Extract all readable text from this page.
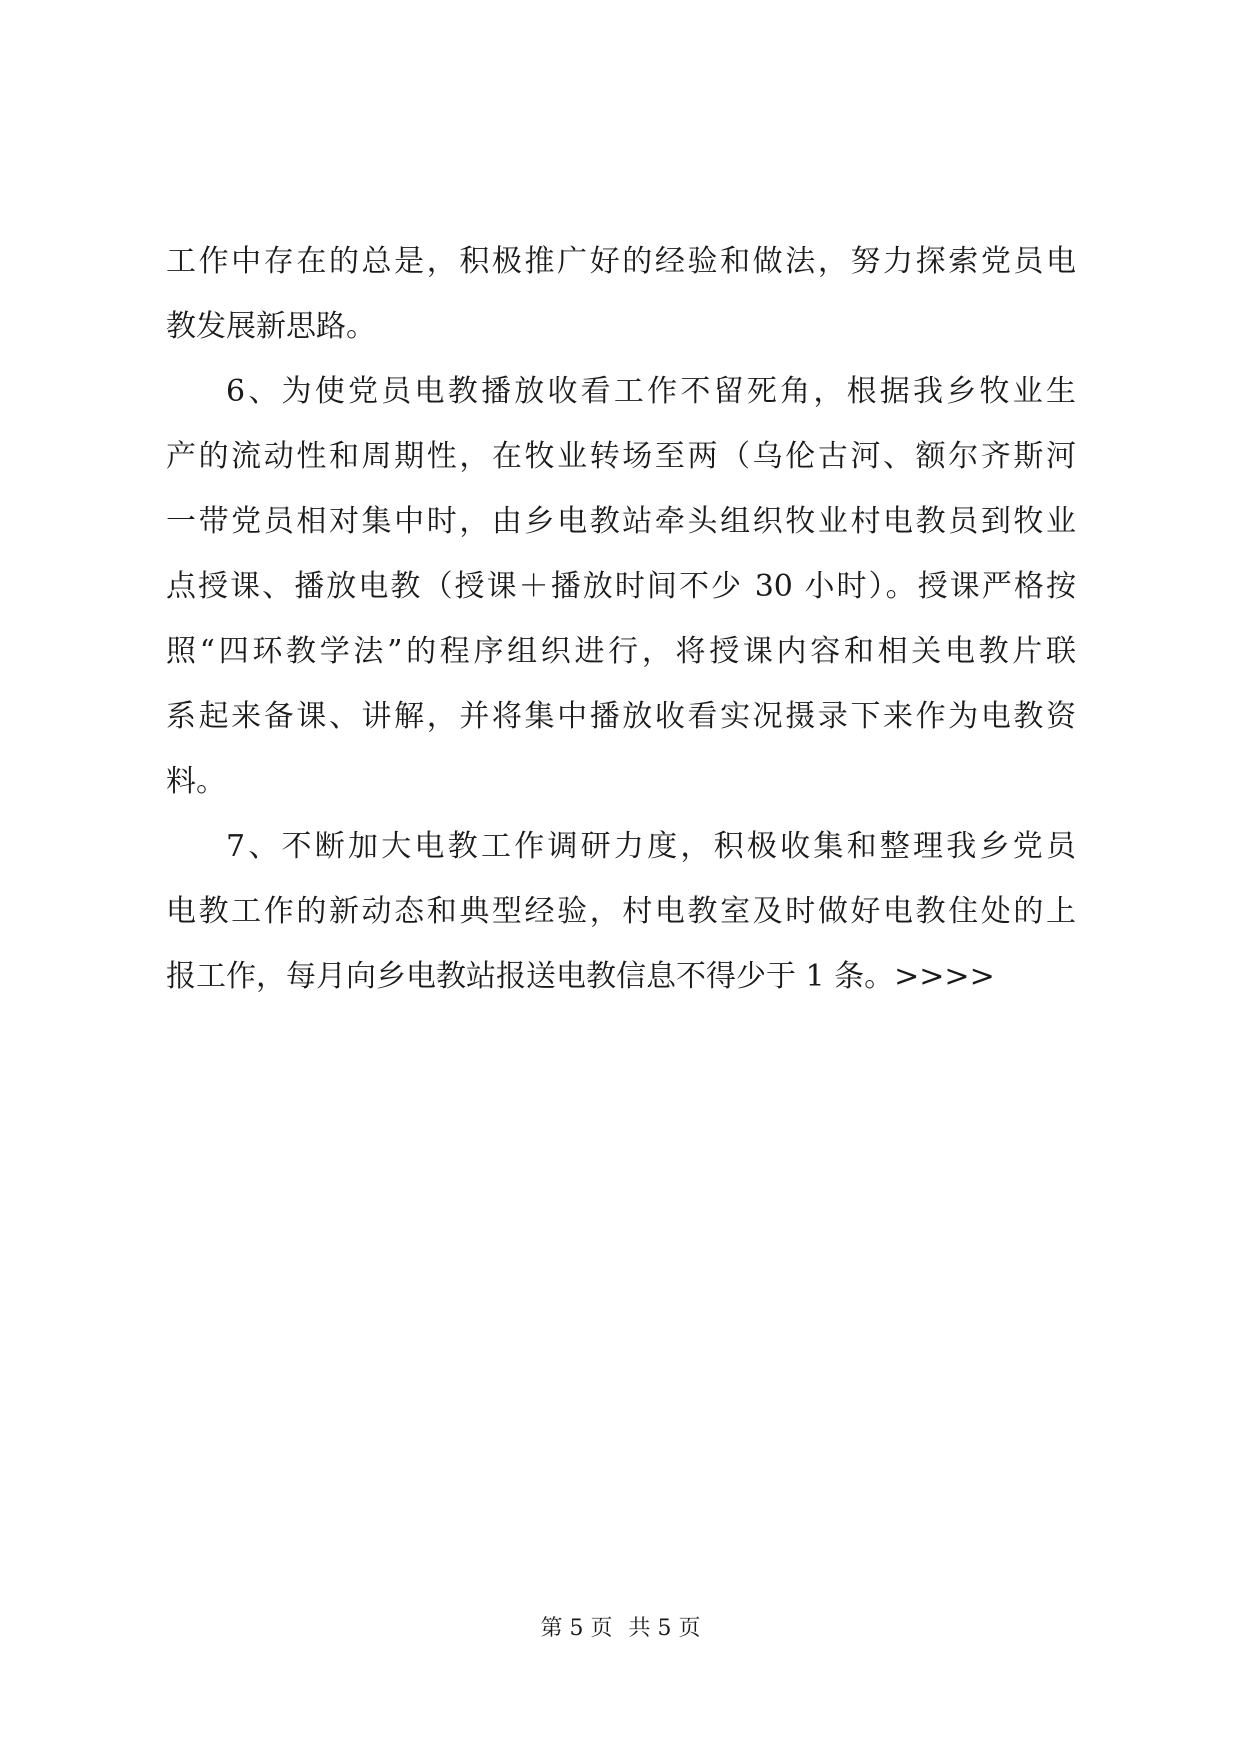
工作中存在的总是，积极推广好的经验和做法，努力探索党员电
教发展新思路。
6、为使党员电教播放收看工作不留死角，根据我乡牧业生
产的流动性和周期性，在牧业转场至两（乌伦古河、额尔齐斯河
一带党员相对集中时，由乡电教站牵头组织牧业村电教员到牧业
点授课、播放电教（授课＋播放时间不少 30 小时）。授课严格按
照“四环教学法”的程序组织进行，将授课内容和相关电教片联
系起来备课、讲解，并将集中播放收看实况摄录下来作为电教资
料。
7、不断加大电教工作调研力度，积极收集和整理我乡党员
电教工作的新动态和典型经验，村电教室及时做好电教住处的上
报工作，每月向乡电教站报送电教信息不得少于 1 条。>>>>
第 5 页 共 5 页
